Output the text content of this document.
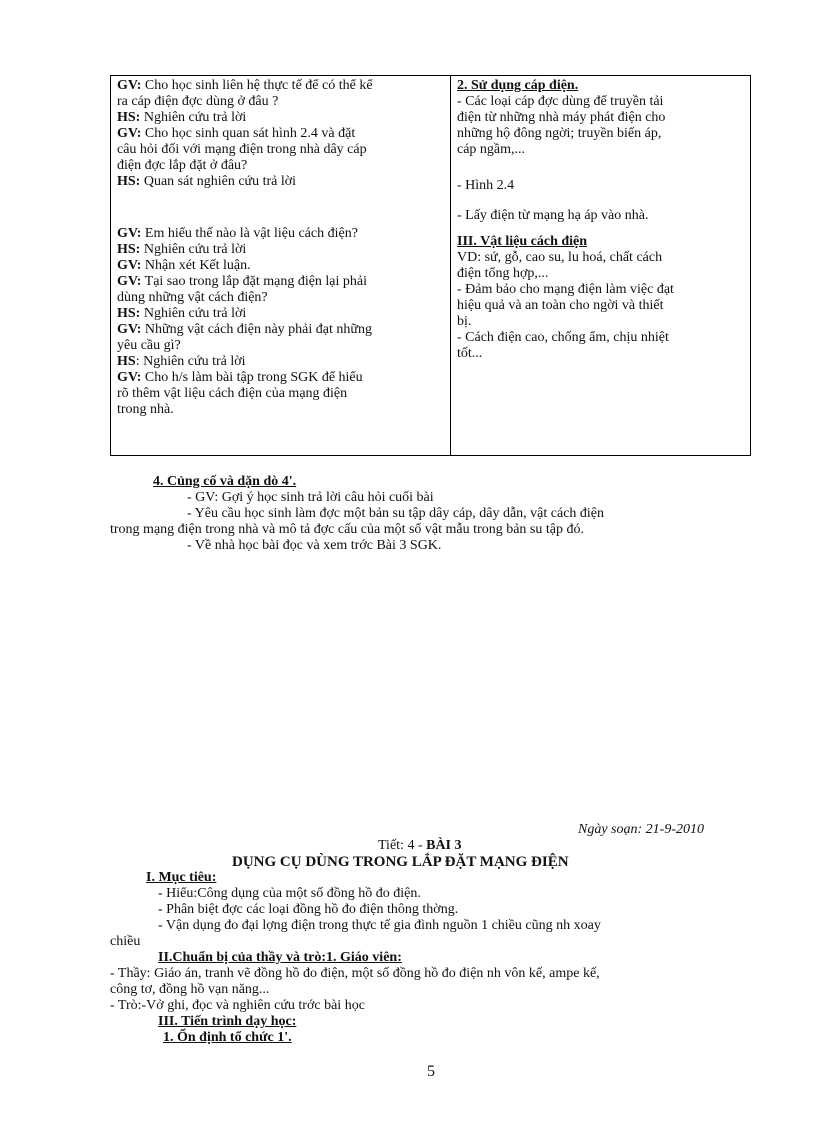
GV: Cho học sinh liên hệ thực tế để có thể kể
ra cáp điện đợc dùng ở đâu ?
HS: Nghiên cứu trả lời
GV: Cho học sinh quan sát hình 2.4 và đặt
câu hỏi đối với mạng điện trong nhà dây cáp
điện đợc lắp đặt ở đâu?
HS: Quan sát nghiên cứu trả lời
GV: Em hiểu thế nào là vật liệu cách điện?
HS: Nghiên cứu trả lời
GV: Nhận xét Kết luận.
GV: Tại sao trong lắp đặt mạng điện lại phải
dùng những vật cách điện?
HS: Nghiên cứu trả lời
GV: Những vật cách điện này phải đạt những
yêu cầu gì?
HS: Nghiên cứu trả lời
GV: Cho h/s làm bài tập trong SGK để hiểu
rõ thêm vật liệu cách điện của mạng điện
trong nhà.
2. Sử dụng cáp điện.
- Các loại cáp đợc dùng để truyền tải
điện từ những nhà máy phát điện cho
những hộ đông ngời; truyền biến áp,
cáp ngầm,...
- Hình 2.4
- Lấy điện từ mạng hạ áp vào nhà.
III. Vật liệu cách điện
VD: sứ, gỗ, cao su, lu hoá, chất cách
điện tổng hợp,...
- Đảm bảo cho mạng điện làm việc đạt
hiệu quả và an toàn cho ngời và thiết
bị.
- Cách điện cao, chống ẩm, chịu nhiệt
tốt...
4. Củng cố và dặn dò 4'.
- GV: Gợi ý học sinh trả lời câu hỏi cuối bài
- Yêu cầu học sinh làm đợc một bản su tập dây cáp, dây dẫn, vật cách điện
trong mạng điện trong nhà và mô tả đợc cấu của một số vật mẫu trong bản su tập đó.
- Về nhà học bài đọc và xem trớc Bài 3 SGK.
Ngày soạn: 21-9-2010
Tiết: 4 - BÀI 3
DỤNG CỤ DÙNG TRONG LẮP ĐẶT MẠNG ĐIỆN
I. Mục tiêu:
- Hiểu:Công dụng của một số đồng hồ đo điện.
- Phân biệt đợc các loại đồng hồ đo điện thông thờng.
- Vận dụng đo đại lợng điện trong thực tế gia đình nguồn 1 chiều cũng nh xoay
chiều
II.Chuẩn bị của thầy và trò:1. Giáo viên:
- Thầy: Giáo án, tranh vẽ đồng hồ đo điện, một số đồng hồ đo điện nh vôn kế, ampe kế,
công tơ, đồng hồ vạn năng...
- Trò:-Vở ghi, đọc và nghiên cứu trớc bài học
III. Tiến trình dạy học:
1. Ổn định tổ chức 1'.
5
